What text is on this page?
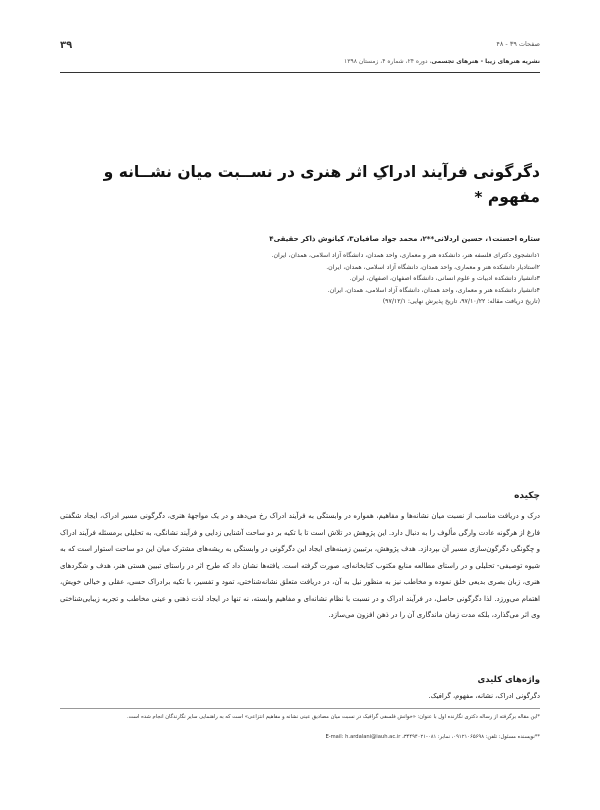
۳۹	صفحات ۳۹ - ۴۸
نشریه هنرهای زیبا - هنرهای تجسمی، دوره ۲۴، شماره ۴، زمستان ۱۳۹۸
دگرگونی فرآیند ادراکِ اثر هنری در نســبت میان نشــانه و
مفهوم *
ستاره احسنت۱، حسین اردلانی**۲، محمد جواد صافیان۳، کیانوش ذاکر حقیقی۴
۱دانشجوی دکترای فلسفه هنر، دانشکده هنر و معماری، واحد همدان، دانشگاه آزاد اسلامی، همدان، ایران.
۲استادیار دانشکده هنر و معماری، واحد همدان، دانشگاه آزاد اسلامی، همدان، ایران.
۳دانشیار دانشکده ادبیات و علوم انسانی، دانشگاه اصفهان، اصفهان، ایران.
۴دانشیار دانشکده هنر و معماری، واحد همدان، دانشگاه آزاد اسلامی، همدان، ایران.
(تاریخ دریافت مقاله: ۹۷/۱۰/۲۲، تاریخ پذیرش نهایی: ۹۷/۱۲/۱)
چکیده
درک و دریافت مناسب از نسبت میان نشانه‌ها و مفاهیم، همواره در وابستگی به فرآیند ادراک رخ می‌دهد و در یک مواجههٔ هنری، دگرگونی مسیر ادراک، ایجاد شگفتی فارغ از هرگونه عادت وارگی مألوف را به دنبال دارد. این پژوهش در تلاش است تا با تکیه بر دو ساحت آشنایی زدایی و فرآیند نشانگی، به تحلیلی برمسئله فرآیند ادراک و چگونگی دگرگون‌سازی مسیر آن بپردازد. هدف پژوهش، برتبیین زمینه‌های ایجاد این دگرگونی در وابستگی به ریشه‌های مشترک میان این دو ساحت استوار است که به شیوه توصیفی- تحلیلی و در راستای مطالعه منابع مکتوب کتابخانه‌ای، صورت گرفته است. یافته‌ها نشان داد که طرح اثر در راستای تبیین هستی هنر، هدف و شگردهای هنری، زبان بصری بدیعی خلق نموده و مخاطب نیز به منظور نیل به آن، در دریافت متعلق نشانه‌شناختی، تمود و تفسیر، با تکیه برادراک حسی، عقلی و خیالی خویش، اهتمام می‌ورزد. لذا دگرگونی حاصل، در فرآیند ادراک و در نسبت با نظام نشانه‌ای و مفاهیم وابسته، نه تنها در ایجاد لذت ذهنی و عینی مخاطب و تجربه زیبایی‌شناختی وی اثر می‌گذارد، بلکه مدت زمان ماندگاری آن را در ذهن افزون می‌سازد.
واژه‌های کلیدی
دگرگونی ادراک، نشانه، مفهوم، گرافیک.
*این مقاله برگرفته از رساله دکتری نگارنده اول با عنوان: «خوانش فلسفی گرافیک در نسبت میان مصادیق عینی نشانه و مفاهیم انتزاعی» است که به راهنمایی سایر نگارندگان انجام شده است.
**نویسنده مسئول: تلفن: ۰۹۱۲۱۰۶۵۶۹۸، نمابر: ۰۸۱-۳۴۴۹۴۰۲۱، E-mail: h.ardalani@iauh.ac.ir
